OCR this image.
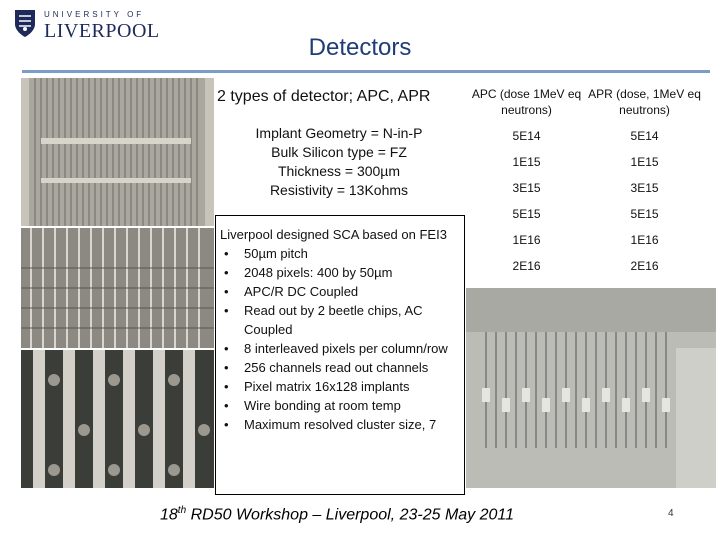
UNIVERSITY OF
LIVERPOOL
Detectors
2 types of detector; APC, APR
Implant Geometry = N-in-P
Bulk Silicon type = FZ
Thickness = 300µm
Resistivity = 13Kohms
Liverpool designed SCA based on FEI3
• 50µm pitch
• 2048 pixels: 400 by 50µm
• APC/R DC Coupled
• Read out by 2 beetle chips, AC Coupled
• 8 interleaved pixels per column/row
• 256 channels read out channels
• Pixel matrix 16x128 implants
• Wire bonding at room temp
• Maximum resolved cluster size, 7
APC (dose 1MeV eq neutrons)	APR (dose, 1MeV eq neutrons)
5E14	5E14
1E15	1E15
3E15	3E15
5E15	5E15
1E16	1E16
2E16	2E16
18th RD50 Workshop – Liverpool, 23-25 May 2011	4
